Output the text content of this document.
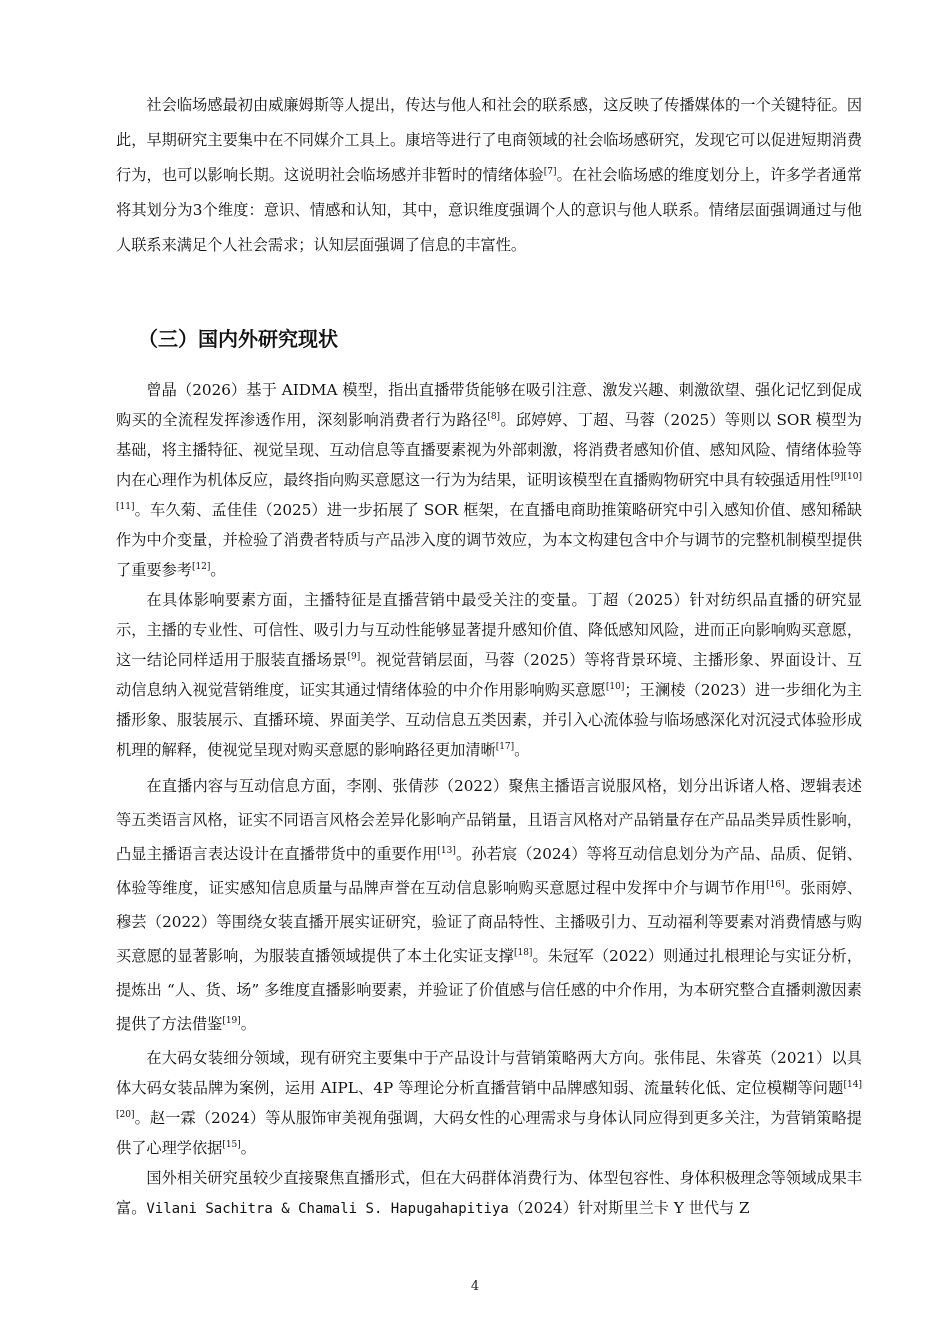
社会临场感最初由威廉姆斯等人提出，传达与他人和社会的联系感，这反映了传播媒体的一个关键特征。因此，早期研究主要集中在不同媒介工具上。康培等进行了电商领域的社会临场感研究，发现它可以促进短期消费行为，也可以影响长期。这说明社会临场感并非暂时的情绪体验[7]。在社会临场感的维度划分上，许多学者通常将其划分为3个维度：意识、情感和认知，其中，意识维度强调个人的意识与他人联系。情绪层面强调通过与他人联系来满足个人社会需求；认知层面强调了信息的丰富性。

（三）国内外研究现状

曾晶（2026）基于 AIDMA 模型，指出直播带货能够在吸引注意、激发兴趣、刺激欲望、强化记忆到促成购买的全流程发挥渗透作用，深刻影响消费者行为路径[8]。邱婷婷、丁超、马蓉（2025）等则以 SOR 模型为基础，将主播特征、视觉呈现、互动信息等直播要素视为外部刺激，将消费者感知价值、感知风险、情绪体验等内在心理作为机体反应，最终指向购买意愿这一行为为结果，证明该模型在直播购物研究中具有较强适用性[9][10][11]。车久菊、孟佳佳（2025）进一步拓展了 SOR 框架，在直播电商助推策略研究中引入感知价值、感知稀缺作为中介变量，并检验了消费者特质与产品涉入度的调节效应，为本文构建包含中介与调节的完整机制模型提供了重要参考[12]。

在具体影响要素方面，主播特征是直播营销中最受关注的变量。丁超（2025）针对纺织品直播的研究显示，主播的专业性、可信性、吸引力与互动性能够显著提升感知价值、降低感知风险，进而正向影响购买意愿，这一结论同样适用于服装直播场景[9]。视觉营销层面，马蓉（2025）等将背景环境、主播形象、界面设计、互动信息纳入视觉营销维度，证实其通过情绪体验的中介作用影响购买意愿[10]；王澜棱（2023）进一步细化为主播形象、服装展示、直播环境、界面美学、互动信息五类因素，并引入心流体验与临场感深化对沉浸式体验形成机理的解释，使视觉呈现对购买意愿的影响路径更加清晰[17]。

在直播内容与互动信息方面，李刚、张倩莎（2022）聚焦主播语言说服风格，划分出诉诸人格、逻辑表述等五类语言风格，证实不同语言风格会差异化影响产品销量，且语言风格对产品销量存在产品品类异质性影响，凸显主播语言表达设计在直播带货中的重要作用[13]。孙若宸（2024）等将互动信息划分为产品、品质、促销、体验等维度，证实感知信息质量与品牌声誉在互动信息影响购买意愿过程中发挥中介与调节作用[16]。张雨婷、穆芸（2022）等围绕女装直播开展实证研究，验证了商品特性、主播吸引力、互动福利等要素对消费情感与购买意愿的显著影响，为服装直播领域提供了本土化实证支撑[18]。朱冠军（2022）则通过扎根理论与实证分析，提炼出 “人、货、场” 多维度直播影响要素，并验证了价值感与信任感的中介作用，为本研究整合直播刺激因素提供了方法借鉴[19]。

在大码女装细分领域，现有研究主要集中于产品设计与营销策略两大方向。张伟昆、朱睿英（2021）以具体大码女装品牌为案例，运用 AIPL、4P 等理论分析直播营销中品牌感知弱、流量转化低、定位模糊等问题[14][20]。赵一霖（2024）等从服饰审美视角强调，大码女性的心理需求与身体认同应得到更多关注，为营销策略提供了心理学依据[15]。

国外相关研究虽较少直接聚焦直播形式，但在大码群体消费行为、体型包容性、身体积极理念等领域成果丰富。Vilani Sachitra & Chamali S. Hapugahapitiya（2024）针对斯里兰卡 Y 世代与 Z

4
